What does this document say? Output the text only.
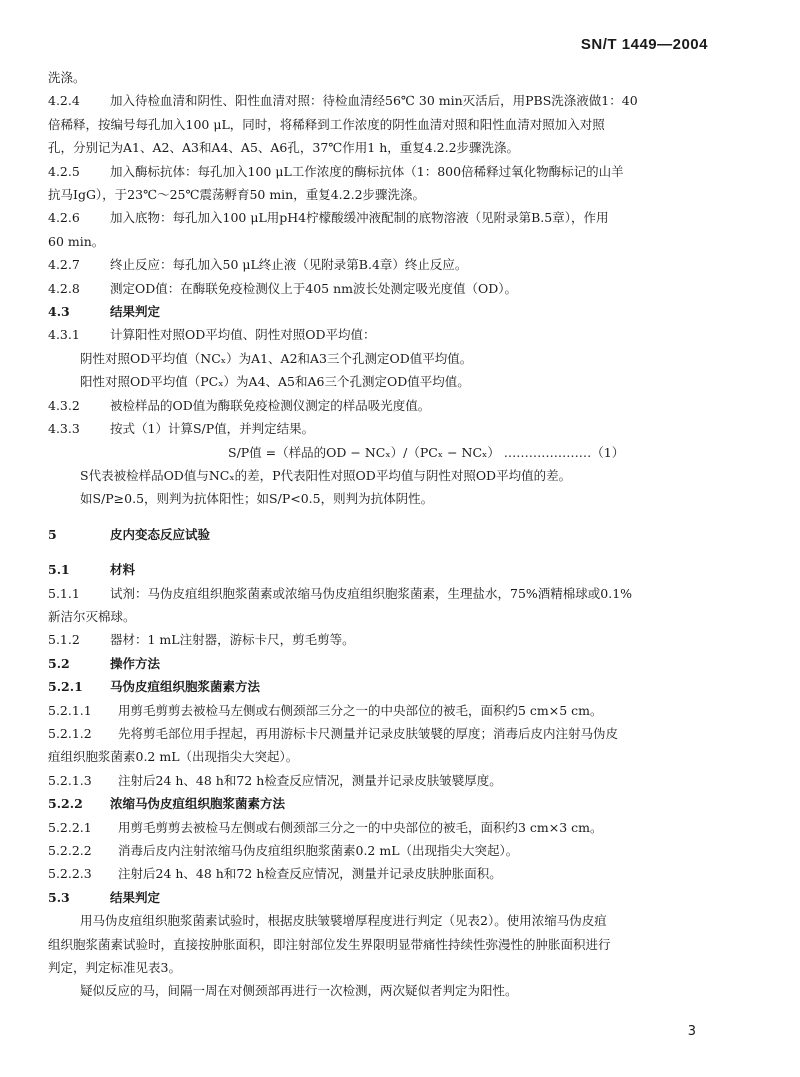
SN/T 1449—2004
洗涤。
4.2.4 加入待检血清和阴性、阳性血清对照：待检血清经56℃ 30 min灭活后，用PBS洗涤液做1：40
倍稀释，按编号每孔加入100 μL，同时，将稀释到工作浓度的阴性血清对照和阳性血清对照加入对照
孔，分别记为A1、A2、A3和A4、A5、A6孔，37℃作用1 h，重复4.2.2步骤洗涤。
4.2.5 加入酶标抗体：每孔加入100 μL工作浓度的酶标抗体（1：800倍稀释过氧化物酶标记的山羊
抗马IgG），于23℃～25℃震荡孵育50 min，重复4.2.2步骤洗涤。
4.2.6 加入底物：每孔加入100 μL用pH4柠檬酸缓冲液配制的底物溶液（见附录第B.5章），作用
60 min。
4.2.7 终止反应：每孔加入50 μL终止液（见附录第B.4章）终止反应。
4.2.8 测定OD值：在酶联免疫检测仪上于405 nm波长处测定吸光度值（OD）。
4.3	结果判定
4.3.1 计算阳性对照OD平均值、阴性对照OD平均值：
阴性对照OD平均值（NCₓ）为A1、A2和A3三个孔测定OD值平均值。
阳性对照OD平均值（PCₓ）为A4、A5和A6三个孔测定OD值平均值。
4.3.2 被检样品的OD值为酶联免疫检测仪测定的样品吸光度值。
4.3.3 按式（1）计算S/P值，并判定结果。
S/P值 =（样品的OD − NCₓ）/（PCₓ − NCₓ） …………………（1）
S代表被检样品OD值与NCₓ的差，P代表阳性对照OD平均值与阴性对照OD平均值的差。
如S/P≥0.5，则判为抗体阳性；如S/P<0.5，则判为抗体阴性。
5	皮内变态反应试验
5.1	材料
5.1.1 试剂：马伪皮疽组织胞浆菌素或浓缩马伪皮疽组织胞浆菌素，生理盐水，75%酒精棉球或0.1%
新洁尔灭棉球。
5.1.2 器材：1 mL注射器，游标卡尺，剪毛剪等。
5.2	操作方法
5.2.1 马伪皮疽组织胞浆菌素方法
5.2.1.1 用剪毛剪剪去被检马左侧或右侧颈部三分之一的中央部位的被毛，面积约5 cm×5 cm。
5.2.1.2 先将剪毛部位用手捏起，再用游标卡尺测量并记录皮肤皱襞的厚度；消毒后皮内注射马伪皮
疽组织胞浆菌素0.2 mL（出现指尖大突起）。
5.2.1.3 注射后24 h、48 h和72 h检查反应情况，测量并记录皮肤皱襞厚度。
5.2.2 浓缩马伪皮疽组织胞浆菌素方法
5.2.2.1 用剪毛剪剪去被检马左侧或右侧颈部三分之一的中央部位的被毛，面积约3 cm×3 cm。
5.2.2.2 消毒后皮内注射浓缩马伪皮疽组织胞浆菌素0.2 mL（出现指尖大突起）。
5.2.2.3 注射后24 h、48 h和72 h检查反应情况，测量并记录皮肤肿胀面积。
5.3	结果判定
用马伪皮疽组织胞浆菌素试验时，根据皮肤皱襞增厚程度进行判定（见表2）。使用浓缩马伪皮疽
组织胞浆菌素试验时，直接按肿胀面积，即注射部位发生界限明显带痛性持续性弥漫性的肿胀面积进行
判定，判定标准见表3。
疑似反应的马，间隔一周在对侧颈部再进行一次检测，两次疑似者判定为阳性。
3
